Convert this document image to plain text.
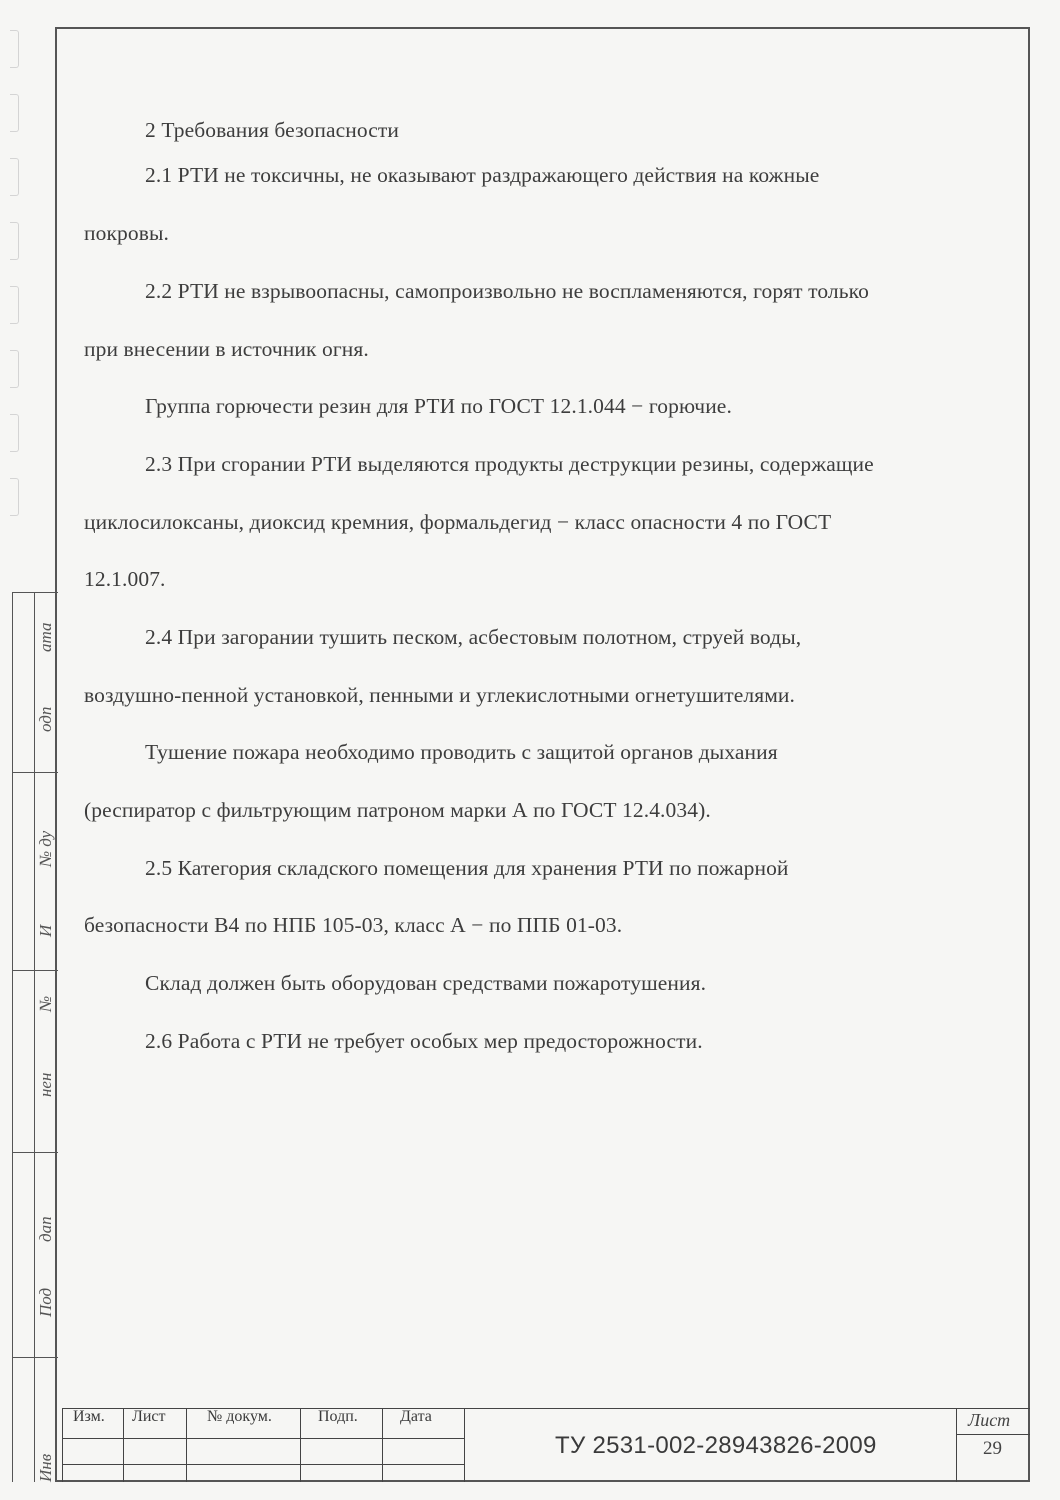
Инв
Под
дап
нен
№
И
№ ду
одп
ата
2 Требования безопасности
2.1 РТИ не токсичны, не оказывают раздражающего действия на кожные
покровы.
2.2 РТИ не взрывоопасны, самопроизвольно не воспламеняются, горят только
при внесении в источник огня.
Группа горючести резин для РТИ по ГОСТ 12.1.044 − горючие.
2.3 При сгорании РТИ выделяются продукты деструкции резины, содержащие
циклосилоксаны, диоксид кремния, формальдегид − класс опасности 4 по ГОСТ
12.1.007.
2.4 При загорании тушить песком, асбестовым полотном, струей воды,
воздушно-пенной установкой, пенными и углекислотными огнетушителями.
Тушение пожара необходимо проводить с защитой органов дыхания
(респиратор с фильтрующим патроном марки А по ГОСТ 12.4.034).
2.5 Категория складского помещения для хранения РТИ по пожарной
безопасности В4 по НПБ 105-03, класс А − по ППБ 01-03.
Склад должен быть оборудован средствами пожаротушения.
2.6 Работа с РТИ не требует особых мер предосторожности.
Изм.	Лист	№ докум.	Подп.	Дата
ТУ 2531-002-28943826-2009
Лист
29
